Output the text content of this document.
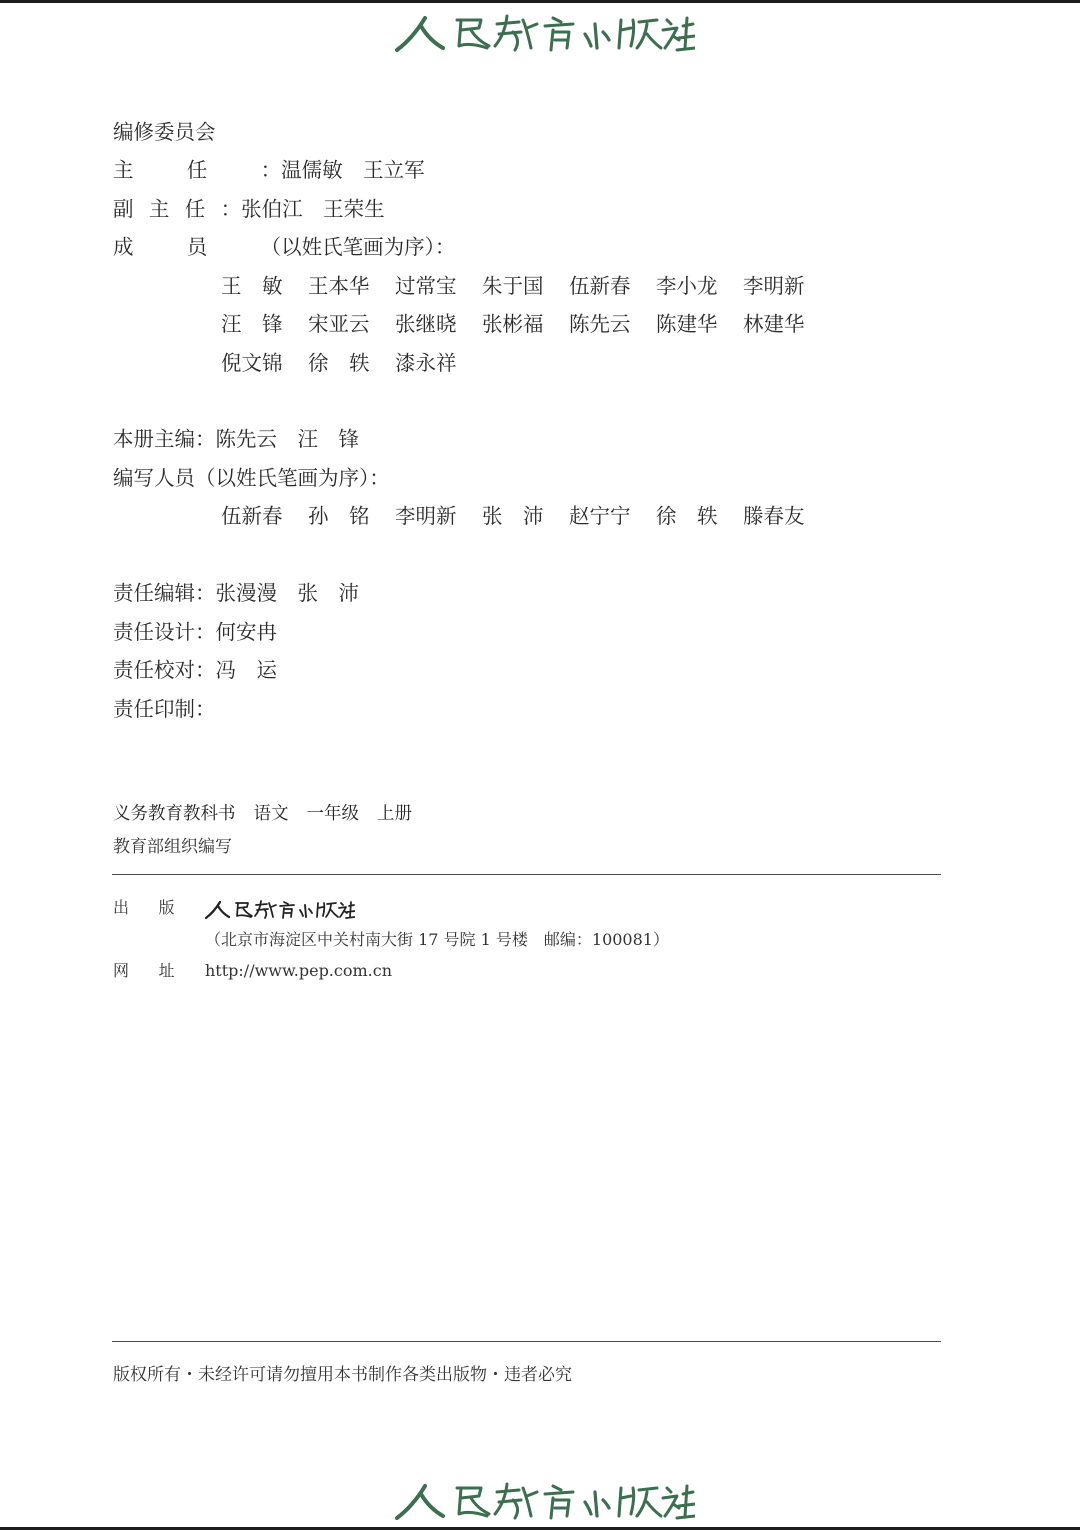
编修委员会
主任：温儒敏　王立军
副主任：张伯江　王荣生
成员（以姓氏笔画为序）：
王　敏 王本华 过常宝 朱于国 伍新春 李小龙 李明新
汪　锋 宋亚云 张继晓 张彬福 陈先云 陈建华 林建华
倪文锦 徐　轶 漆永祥
本册主编：陈先云　汪　锋
编写人员（以姓氏笔画为序）：
伍新春 孙　铭 李明新 张　沛 赵宁宁 徐　轶 滕春友
责任编辑：张漫漫　张　沛
责任设计：何安冉
责任校对：冯　运
责任印制：
义务教育教科书 语文 一年级 上册
教育部组织编写
出版
（北京市海淀区中关村南大街 17 号院 1 号楼　邮编：100081）
网址http://www.pep.com.cn
版权所有・未经许可请勿擅用本书制作各类出版物・违者必究
